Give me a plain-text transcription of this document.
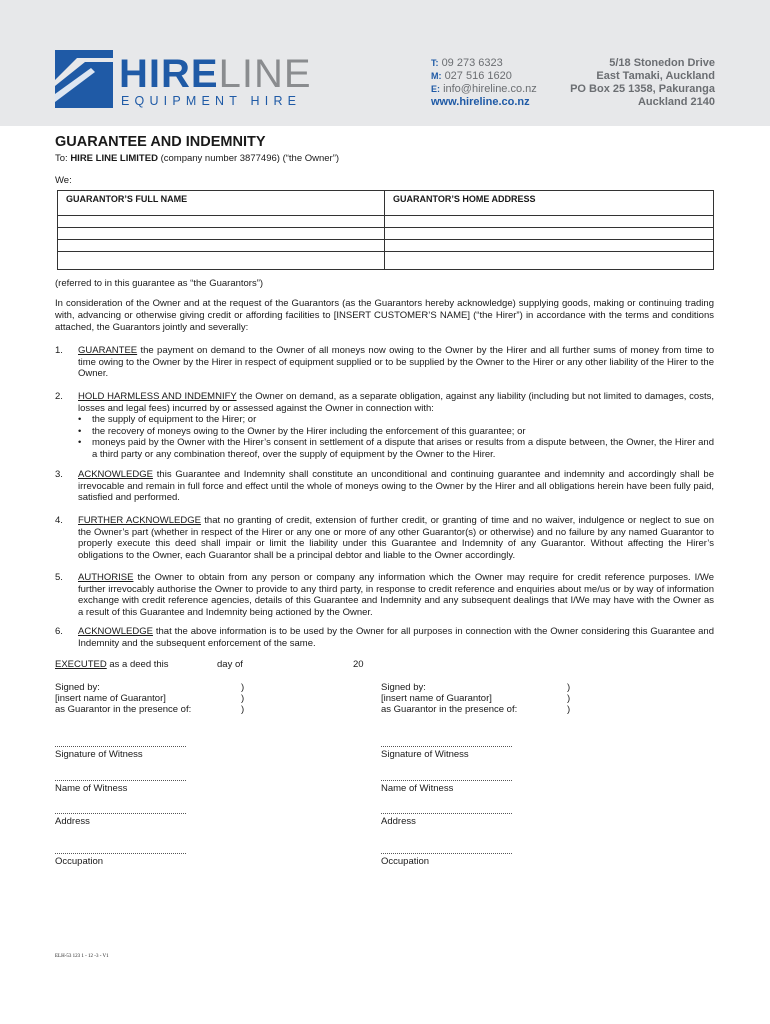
HIRELINE
EQUIPMENT HIRE
T: 09 273 6323
M: 027 516 1620
E: info@hireline.co.nz
www.hireline.co.nz
5/18 Stonedon Drive
East Tamaki, Auckland
PO Box 25 1358, Pakuranga
Auckland 2140
GUARANTEE AND INDEMNITY
To: HIRE LINE LIMITED (company number 3877496) (“the Owner”)
We:
GUARANTOR’S FULL NAME	GUARANTOR’S HOME ADDRESS

(referred to in this guarantee as “the Guarantors”)
In consideration of the Owner and at the request of the Guarantors (as the Guarantors hereby acknowledge) supplying goods, making or continuing trading with, advancing or otherwise giving credit or affording facilities to [INSERT CUSTOMER’S NAME] (“the Hirer”) in accordance with the terms and conditions attached, the Guarantors jointly and severally:
1. GUARANTEE the payment on demand to the Owner of all moneys now owing to the Owner by the Hirer and all further sums of money from time to time owing to the Owner by the Hirer in respect of equipment supplied or to be supplied by the Owner to the Hirer or any other liability of the Hirer to the Owner.
2. HOLD HARMLESS AND INDEMNIFY the Owner on demand, as a separate obligation, against any liability (including but not limited to damages, costs, losses and legal fees) incurred by or assessed against the Owner in connection with:
• the supply of equipment to the Hirer; or
• the recovery of moneys owing to the Owner by the Hirer including the enforcement of this guarantee; or
• moneys paid by the Owner with the Hirer’s consent in settlement of a dispute that arises or results from a dispute between, the Owner, the Hirer and a third party or any combination thereof, over the supply of equipment by the Owner to the Hirer.
3. ACKNOWLEDGE this Guarantee and Indemnity shall constitute an unconditional and continuing guarantee and indemnity and accordingly shall be irrevocable and remain in full force and effect until the whole of moneys owing to the Owner by the Hirer and all obligations herein have been fully paid, satisfied and performed.
4. FURTHER ACKNOWLEDGE that no granting of credit, extension of further credit, or granting of time and no waiver, indulgence or neglect to sue on the Owner’s part (whether in respect of the Hirer or any one or more of any other Guarantor(s) or otherwise) and no failure by any named Guarantor to properly execute this deed shall impair or limit the liability under this Guarantee and Indemnity of any Guarantor. Without affecting the Hirer’s obligations to the Owner, each Guarantor shall be a principal debtor and liable to the Owner accordingly.
5. AUTHORISE the Owner to obtain from any person or company any information which the Owner may require for credit reference purposes. I/We further irrevocably authorise the Owner to provide to any third party, in response to credit reference and enquiries about me/us or by way of information exchange with credit reference agencies, details of this Guarantee and Indemnity and any subsequent dealings that I/We may have with the Owner as a result of this Guarantee and Indemnity being actioned by the Owner.
6. ACKNOWLEDGE that the above information is to be used by the Owner for all purposes in connection with the Owner considering this Guarantee and Indemnity and the subsequent enforcement of the same.
EXECUTED as a deed this	day of	20
Signed by:
[insert name of Guarantor]
as Guarantor in the presence of:
)
)
)
Signed by:
[insert name of Guarantor]
as Guarantor in the presence of:
)
)
)
Signature of Witness
Name of Witness
Address
Occupation
Signature of Witness
Name of Witness
Address
Occupation
ELH-53 123 1 - 12 -3 - V1
